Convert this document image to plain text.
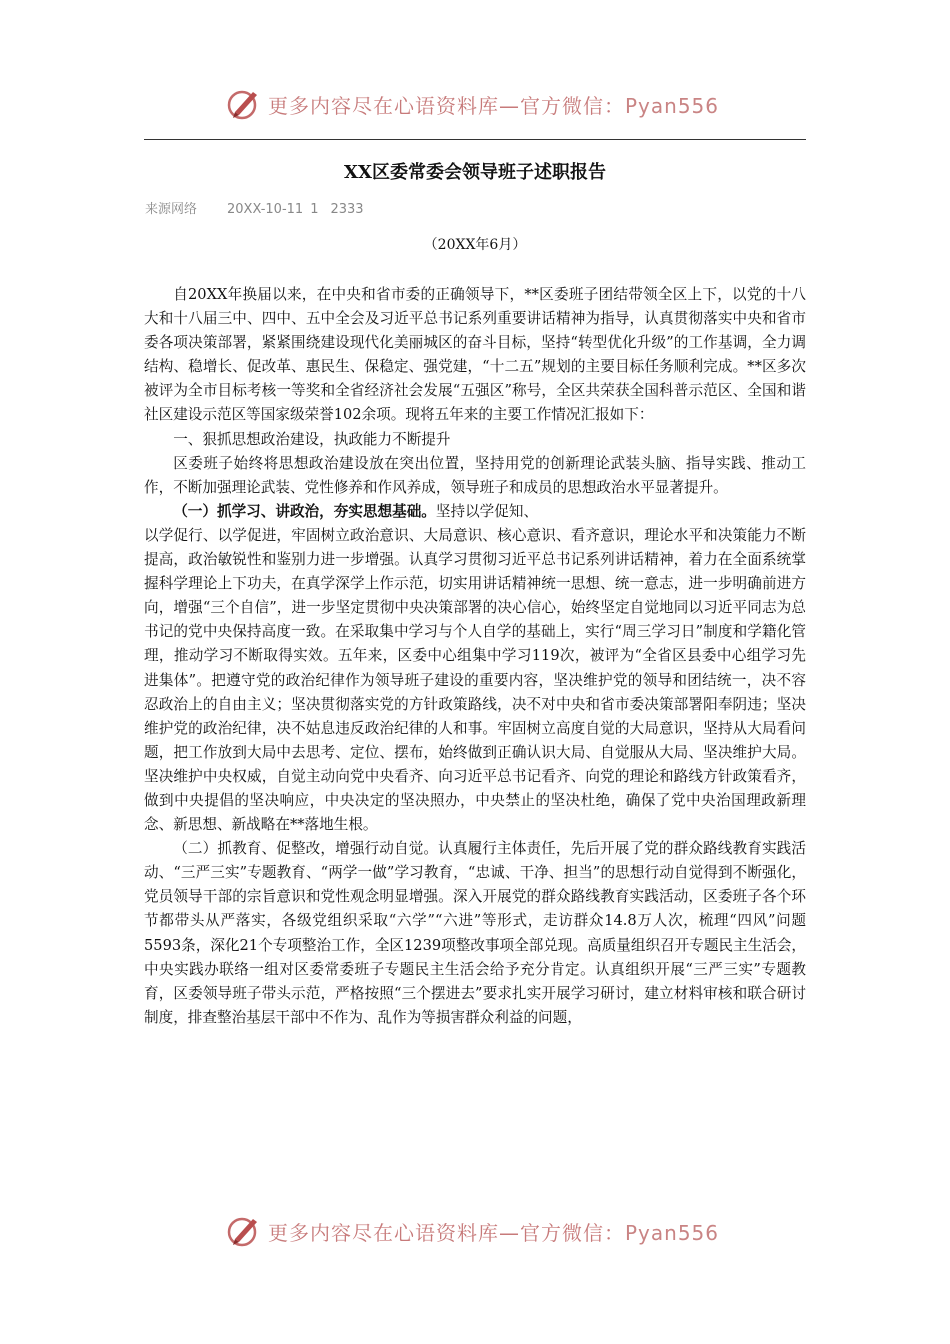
更多内容尽在心语资料库—官方微信：Pyan556
XX区委常委会领导班子述职报告
来源网络 20XX-10-11 1 2333
（20XX年6月）

自20XX年换届以来，在中央和省市委的正确领导下，**区委班子团结带领全区上下，以党的十八大和十八届三中、四中、五中全会及习近平总书记系列重要讲话精神为指导，认真贯彻落实中央和省市委各项决策部署，紧紧围绕建设现代化美丽城区的奋斗目标，坚持“转型优化升级”的工作基调，全力调结构、稳增长、促改革、惠民生、保稳定、强党建，“十二五”规划的主要目标任务顺利完成。**区多次被评为全市目标考核一等奖和全省经济社会发展“五强区”称号，全区共荣获全国科普示范区、全国和谐社区建设示范区等国家级荣誉102余项。现将五年来的主要工作情况汇报如下：

一、狠抓思想政治建设，执政能力不断提升

区委班子始终将思想政治建设放在突出位置，坚持用党的创新理论武装头脑、指导实践、推动工作，不断加强理论武装、党性修养和作风养成，领导班子和成员的思想政治水平显著提升。

（一）抓学习、讲政治，夯实思想基础。坚持以学促知、

以学促行、以学促进，牢固树立政治意识、大局意识、核心意识、看齐意识，理论水平和决策能力不断提高，政治敏锐性和鉴别力进一步增强。认真学习贯彻习近平总书记系列讲话精神，着力在全面系统掌握科学理论上下功夫，在真学深学上作示范，切实用讲话精神统一思想、统一意志，进一步明确前进方向，增强“三个自信”，进一步坚定贯彻中央决策部署的决心信心，始终坚定自觉地同以习近平同志为总书记的党中央保持高度一致。在采取集中学习与个人自学的基础上，实行“周三学习日”制度和学籍化管理，推动学习不断取得实效。五年来，区委中心组集中学习119次，被评为“全省区县委中心组学习先进集体”。把遵守党的政治纪律作为领导班子建设的重要内容，坚决维护党的领导和团结统一，决不容忍政治上的自由主义；坚决贯彻落实党的方针政策路线，决不对中央和省市委决策部署阳奉阴违；坚决维护党的政治纪律，决不姑息违反政治纪律的人和事。牢固树立高度自觉的大局意识，坚持从大局看问题，把工作放到大局中去思考、定位、摆布，始终做到正确认识大局、自觉服从大局、坚决维护大局。坚决维护中央权威，自觉主动向党中央看齐、向习近平总书记看齐、向党的理论和路线方针政策看齐，做到中央提倡的坚决响应，中央决定的坚决照办，中央禁止的坚决杜绝，确保了党中央治国理政新理念、新思想、新战略在**落地生根。

（二）抓教育、促整改，增强行动自觉。认真履行主体责任，先后开展了党的群众路线教育实践活动、“三严三实”专题教育、“两学一做”学习教育，“忠诚、干净、担当”的思想行动自觉得到不断强化，党员领导干部的宗旨意识和党性观念明显增强。深入开展党的群众路线教育实践活动，区委班子各个环节都带头从严落实，各级党组织采取“六学”“六进”等形式，走访群众14.8万人次，梳理“四风”问题5593条，深化21个专项整治工作，全区1239项整改事项全部兑现。高质量组织召开专题民主生活会，中央实践办联络一组对区委常委班子专题民主生活会给予充分肯定。认真组织开展“三严三实”专题教育，区委领导班子带头示范，严格按照“三个摆进去”要求扎实开展学习研讨，建立材料审核和联合研讨制度，排查整治基层干部中不作为、乱作为等损害群众利益的问题，

更多内容尽在心语资料库—官方微信：Pyan556
